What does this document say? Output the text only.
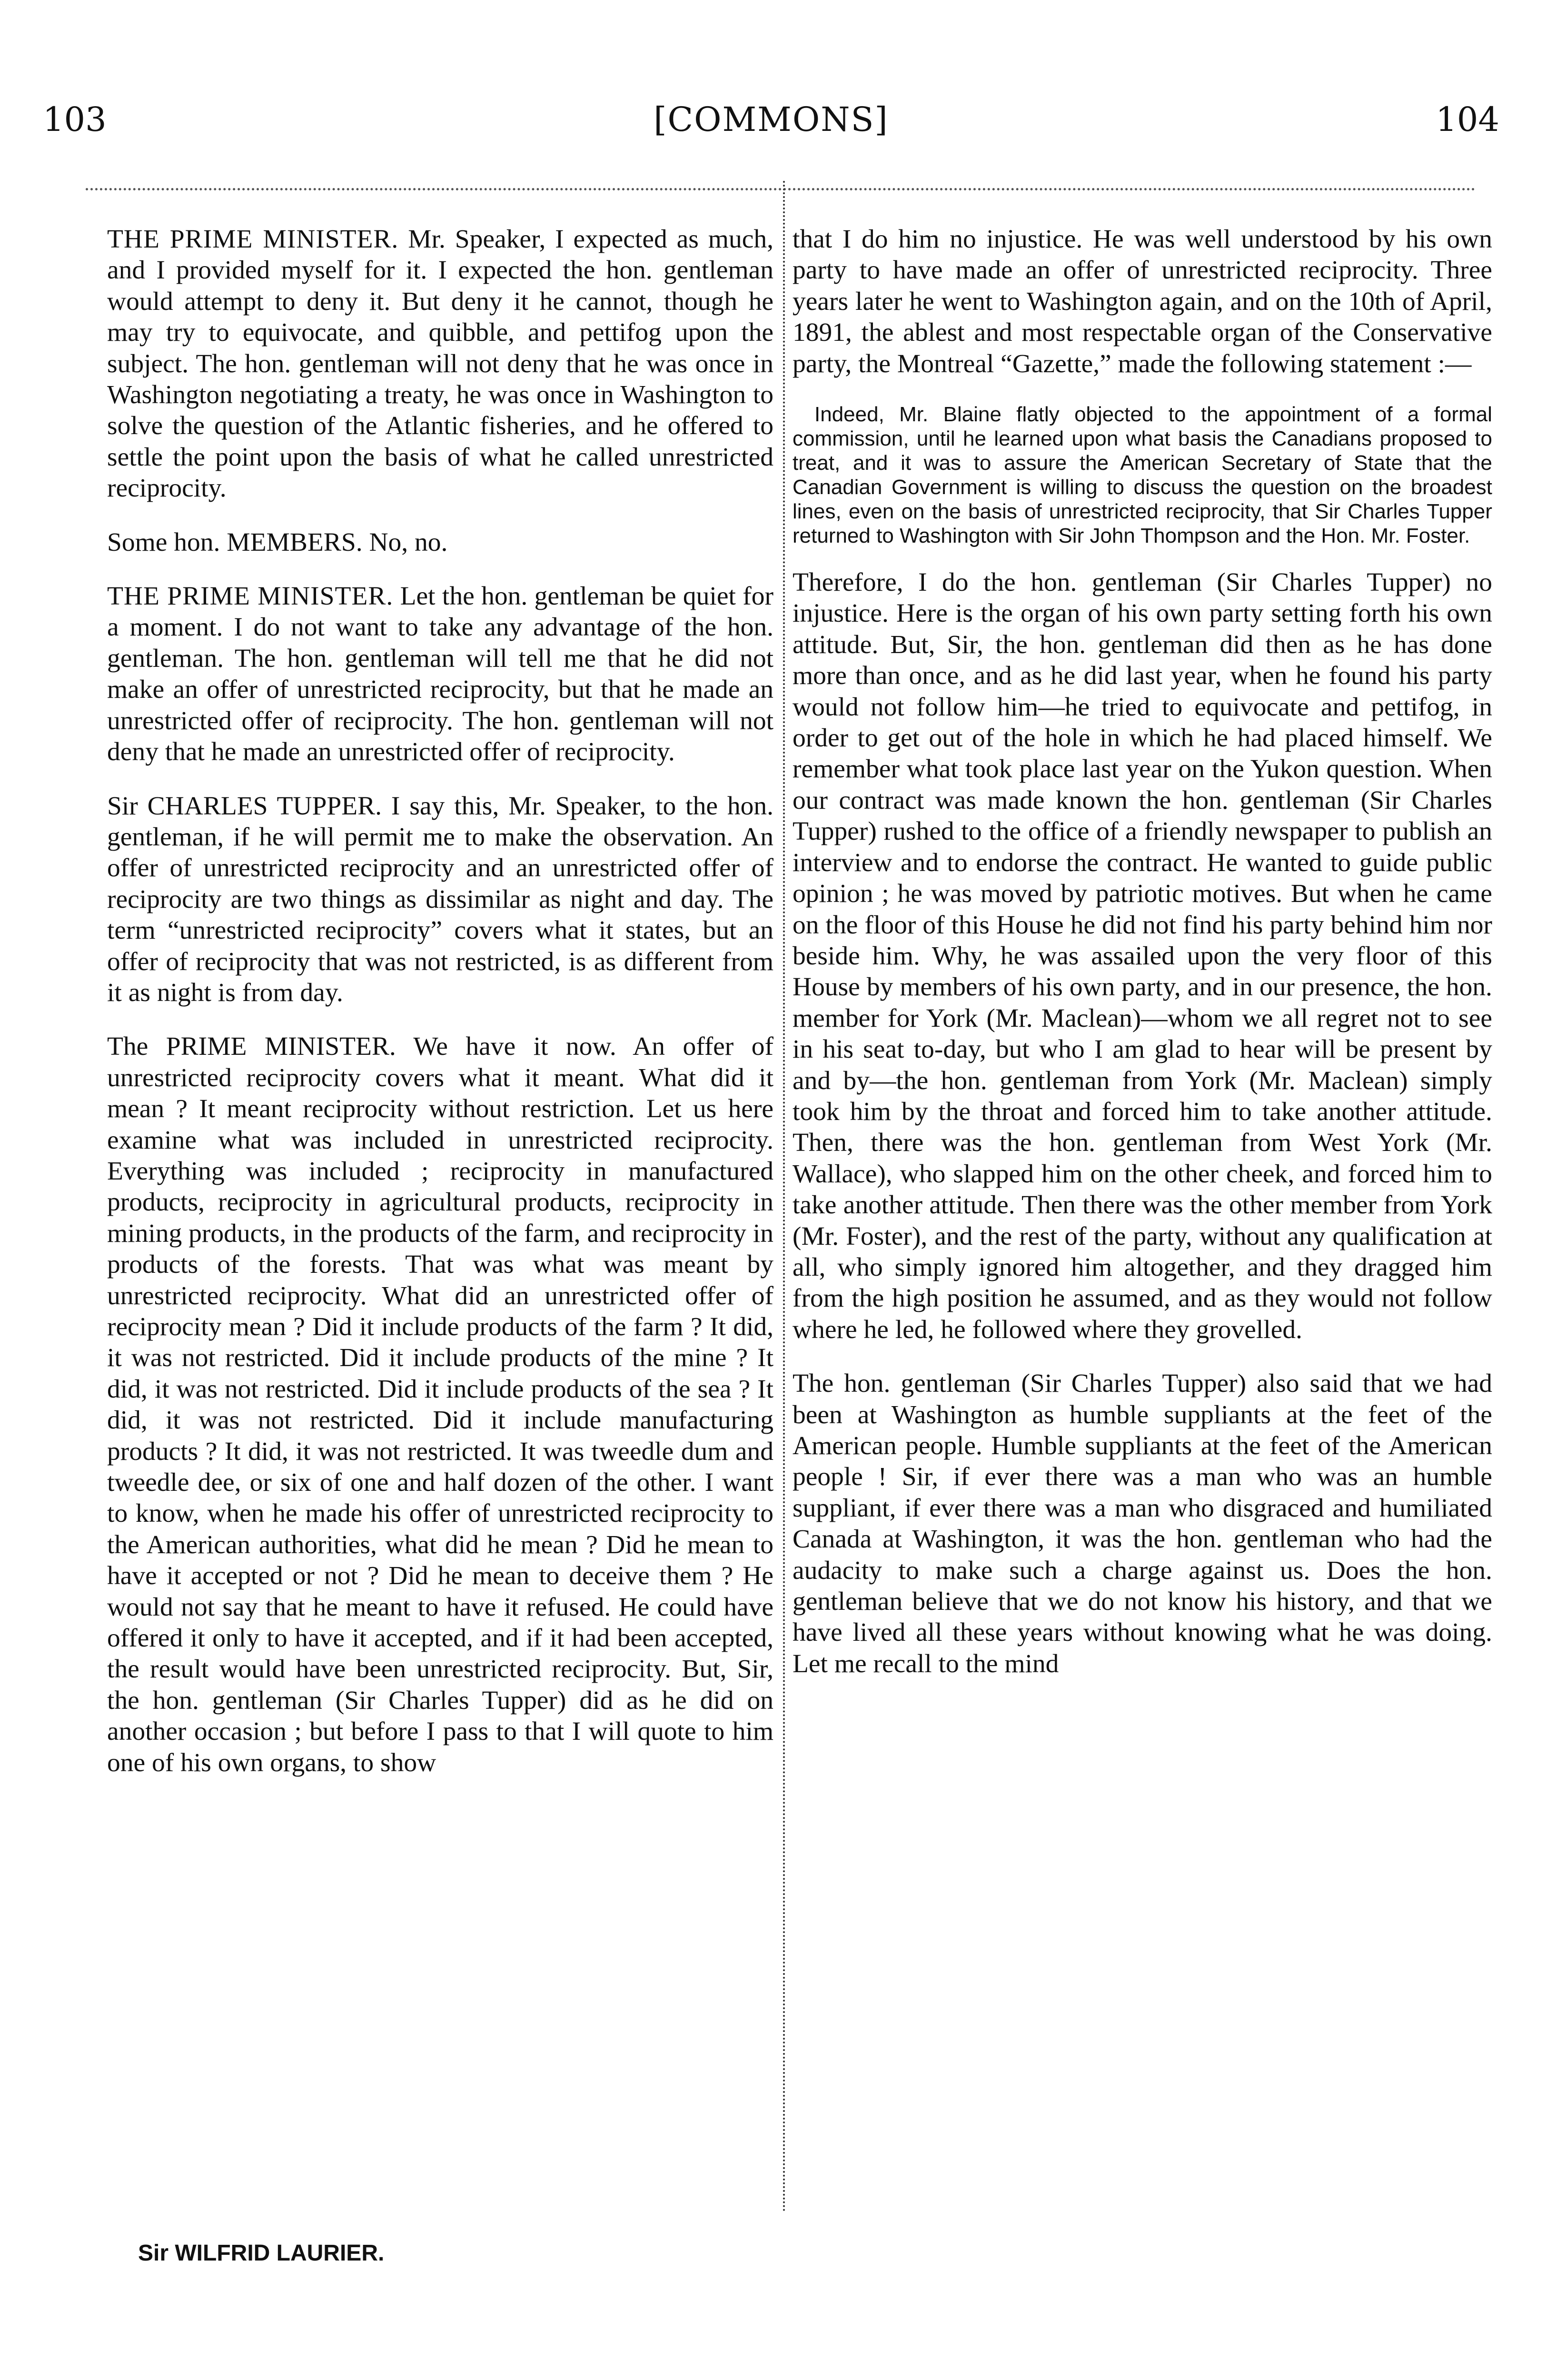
103	[COMMONS]	104

THE PRIME MINISTER. Mr. Speaker, I expected as much, and I provided myself for it. I expected the hon. gentleman would attempt to deny it. But deny it he cannot, though he may try to equivocate, and quibble, and pettifog upon the subject. The hon. gentleman will not deny that he was once in Washington negotiating a treaty, he was once in Washington to solve the question of the Atlantic fisheries, and he offered to settle the point upon the basis of what he called unrestricted reciprocity.

Some hon. MEMBERS. No, no.

THE PRIME MINISTER. Let the hon. gentleman be quiet for a moment. I do not want to take any advantage of the hon. gentleman. The hon. gentleman will tell me that he did not make an offer of unrestricted reciprocity, but that he made an unrestricted offer of reciprocity. The hon. gentleman will not deny that he made an unrestricted offer of reciprocity.

Sir CHARLES TUPPER. I say this, Mr. Speaker, to the hon. gentleman, if he will permit me to make the observation. An offer of unrestricted reciprocity and an unrestricted offer of reciprocity are two things as dissimilar as night and day. The term “unrestricted reciprocity” covers what it states, but an offer of reciprocity that was not restricted, is as different from it as night is from day.

The PRIME MINISTER. We have it now. An offer of unrestricted reciprocity covers what it meant. What did it mean ? It meant reciprocity without restriction. Let us here examine what was included in unrestricted reciprocity. Everything was included ; reciprocity in manufactured products, reciprocity in agricultural products, reciprocity in mining products, in the products of the farm, and reciprocity in products of the forests. That was what was meant by unrestricted reciprocity. What did an unrestricted offer of reciprocity mean ? Did it include products of the farm ? It did, it was not restricted. Did it include products of the mine ? It did, it was not restricted. Did it include products of the sea ? It did, it was not restricted. Did it include manufacturing products ? It did, it was not restricted. It was tweedle dum and tweedle dee, or six of one and half dozen of the other. I want to know, when he made his offer of unrestricted reciprocity to the American authorities, what did he mean ? Did he mean to have it accepted or not ? Did he mean to deceive them ? He would not say that he meant to have it refused. He could have offered it only to have it accepted, and if it had been accepted, the result would have been unrestricted reciprocity. But, Sir, the hon. gentleman (Sir Charles Tupper) did as he did on another occasion ; but before I pass to that I will quote to him one of his own organs, to show

that I do him no injustice. He was well understood by his own party to have made an offer of unrestricted reciprocity. Three years later he went to Washington again, and on the 10th of April, 1891, the ablest and most respectable organ of the Conservative party, the Montreal “Gazette,” made the following statement :—

Indeed, Mr. Blaine flatly objected to the appointment of a formal commission, until he learned upon what basis the Canadians proposed to treat, and it was to assure the American Secretary of State that the Canadian Government is willing to discuss the question on the broadest lines, even on the basis of unrestricted reciprocity, that Sir Charles Tupper returned to Washington with Sir John Thompson and the Hon. Mr. Foster.

Therefore, I do the hon. gentleman (Sir Charles Tupper) no injustice. Here is the organ of his own party setting forth his own attitude. But, Sir, the hon. gentleman did then as he has done more than once, and as he did last year, when he found his party would not follow him—he tried to equivocate and pettifog, in order to get out of the hole in which he had placed himself. We remember what took place last year on the Yukon question. When our contract was made known the hon. gentleman (Sir Charles Tupper) rushed to the office of a friendly newspaper to publish an interview and to endorse the contract. He wanted to guide public opinion ; he was moved by patriotic motives. But when he came on the floor of this House he did not find his party behind him nor beside him. Why, he was assailed upon the very floor of this House by members of his own party, and in our presence, the hon. member for York (Mr. Maclean)—whom we all regret not to see in his seat to-day, but who I am glad to hear will be present by and by—the hon. gentleman from York (Mr. Maclean) simply took him by the throat and forced him to take another attitude. Then, there was the hon. gentleman from West York (Mr. Wallace), who slapped him on the other cheek, and forced him to take another attitude. Then there was the other member from York (Mr. Foster), and the rest of the party, without any qualification at all, who simply ignored him altogether, and they dragged him from the high position he assumed, and as they would not follow where he led, he followed where they grovelled.

The hon. gentleman (Sir Charles Tupper) also said that we had been at Washington as humble suppliants at the feet of the American people. Humble suppliants at the feet of the American people ! Sir, if ever there was a man who was an humble suppliant, if ever there was a man who disgraced and humiliated Canada at Washington, it was the hon. gentleman who had the audacity to make such a charge against us. Does the hon. gentleman believe that we do not know his history, and that we have lived all these years without knowing what he was doing. Let me recall to the mind

Sir WILFRID LAURIER.
